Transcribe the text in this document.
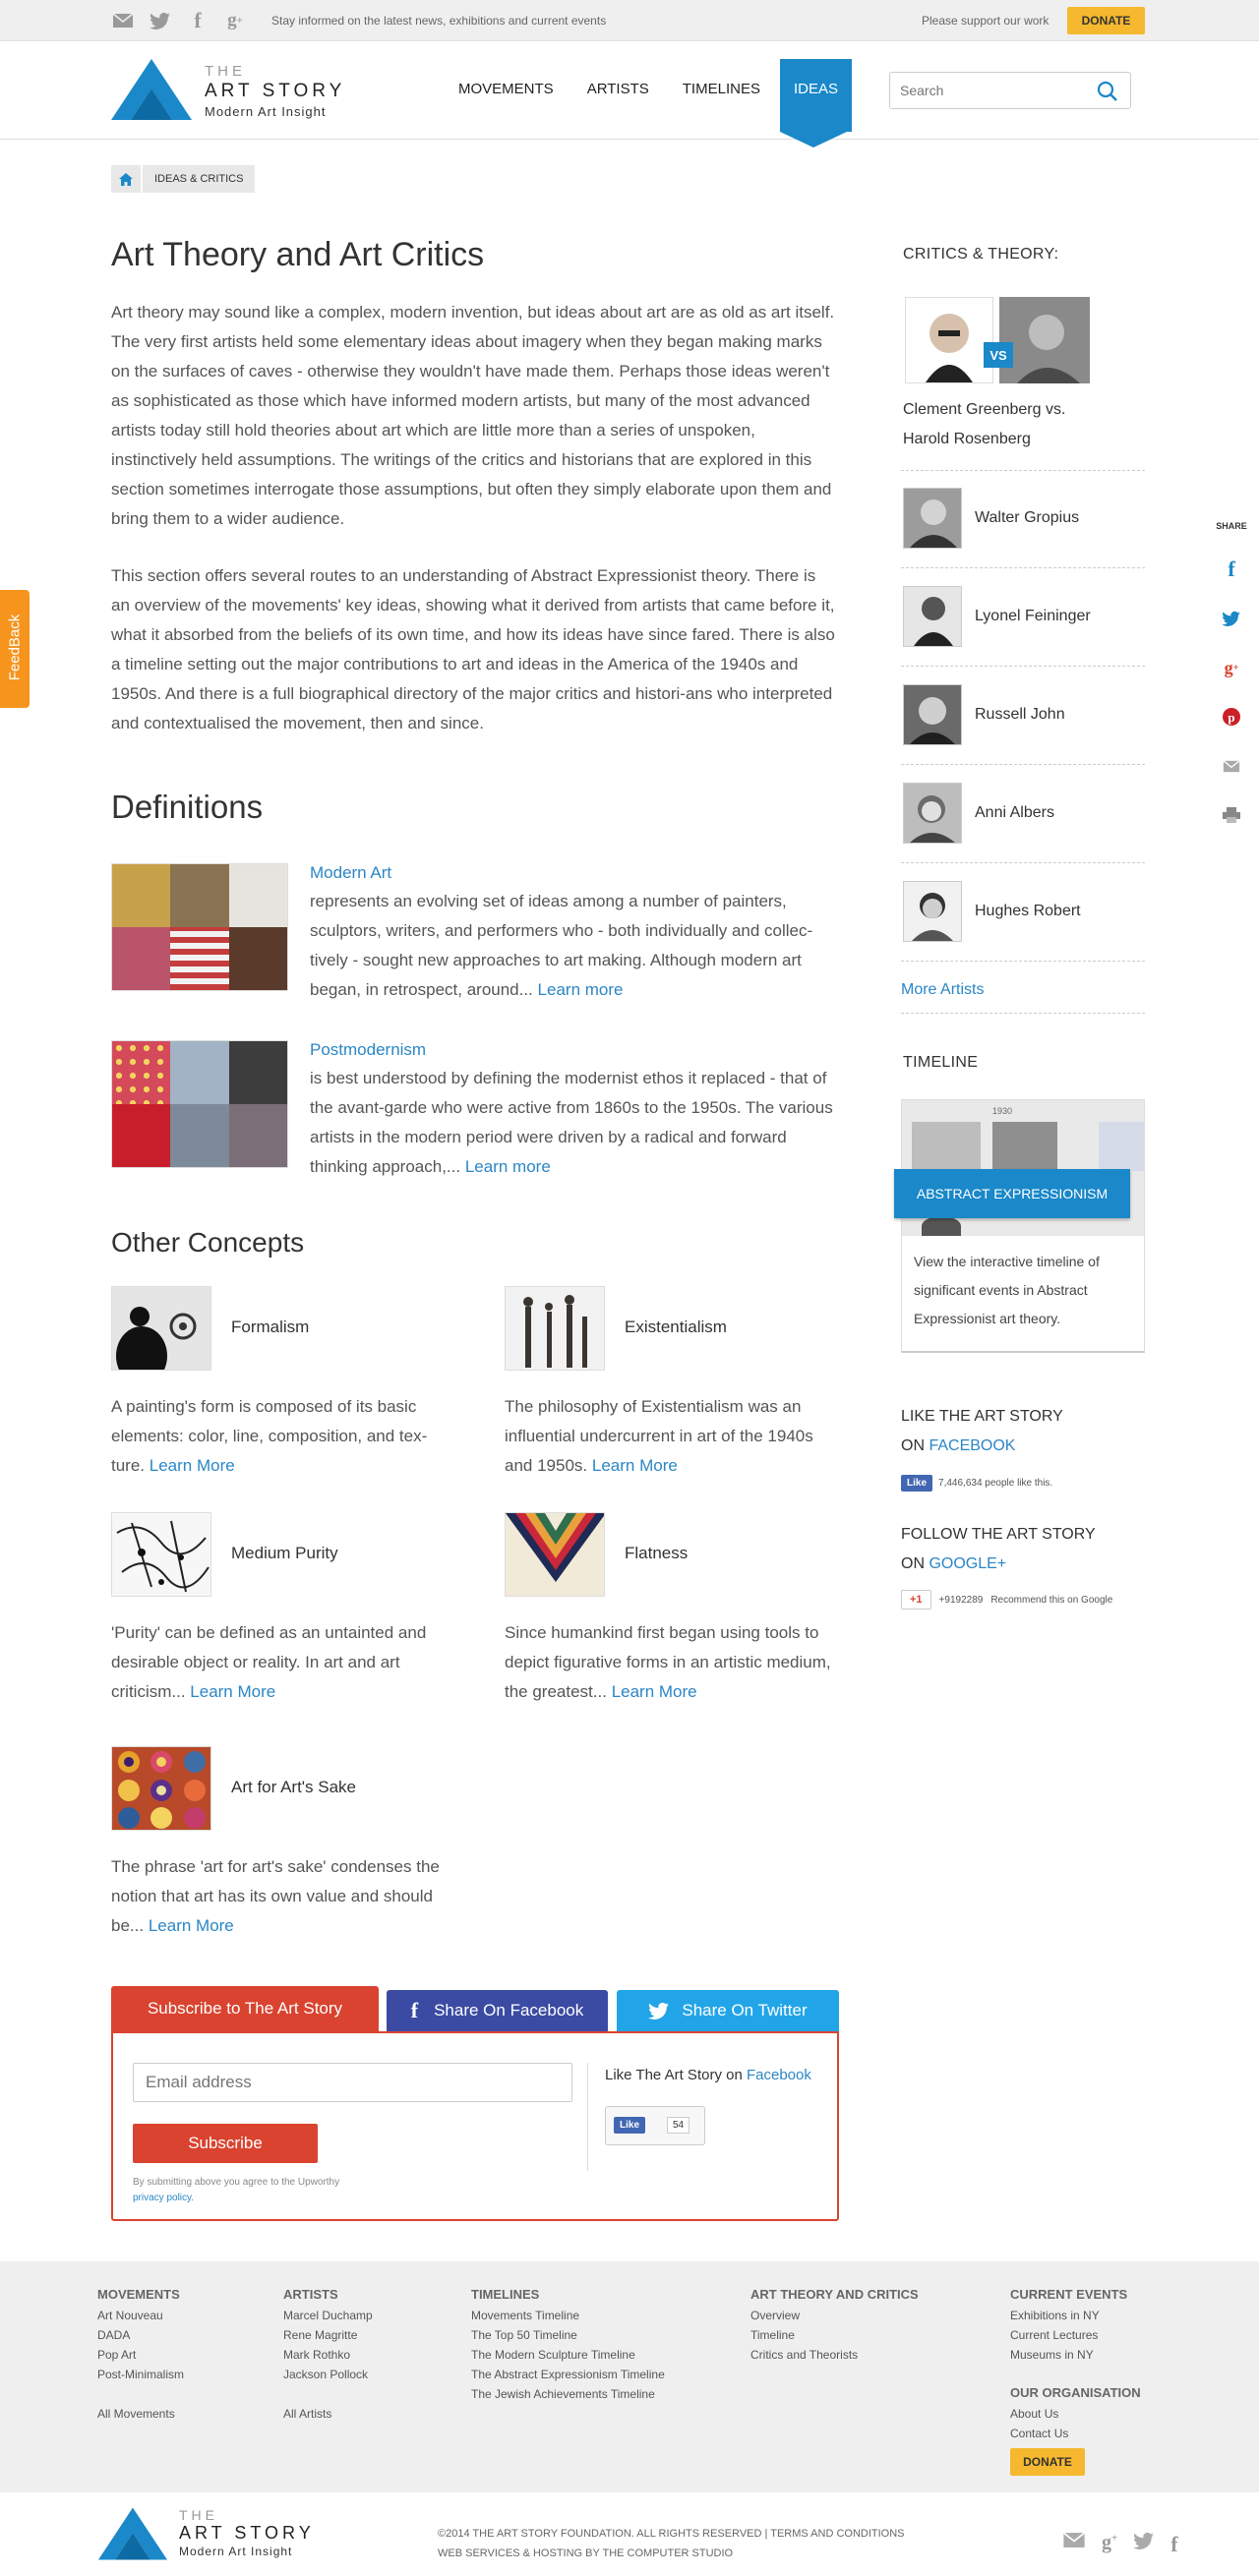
f	g + Stay informed on the latest news, exhibitions and current events	Please support our work	DONATE
THE
ART STORY
Modern Art Insight
MOVEMENTS	ARTISTS	TIMELINES	IDEAS
Search
IDEAS & CRITICS
FeedBack
Art Theory and Art Critics

Art theory may sound like a complex, modern invention, but ideas about art are as old as art itself. The very first artists held some elementary ideas about imagery when they began making marks on the surfaces of caves - otherwise they wouldn't have made them. Perhaps those ideas weren't as sophisticated as those which have informed modern artists, but many of the most advanced artists today still hold theories about art which are little more than a series of unspoken, instinctively held assumptions. The writings of the critics and historians that are explored in this section sometimes interrogate those assumptions, but often they simply elaborate upon them and bring them to a wider audience.

This section offers several routes to an understanding of Abstract Expressionist theory. There is an overview of the movements' key ideas, showing what it derived from artists that came before it, what it absorbed from the beliefs of its own time, and how its ideas have since fared. There is also a timeline setting out the major contributions to art and ideas in the America of the 1940s and 1950s. And there is a full biographical directory of the major critics and histori-ans who interpreted and contextualised the movement, then and since.

Definitions
Modern Art
represents an evolving set of ideas among a number of painters, sculptors, writers, and performers who - both individually and collec-tively - sought new approaches to art making. Although modern art began, in retrospect, around... Learn more
Postmodernism
is best understood by defining the modernist ethos it replaced - that of the avant-garde who were active from 1860s to the 1950s. The various artists in the modern period were driven by a radical and forward thinking approach,... Learn more
Other Concepts
Formalism
A painting's form is composed of its basic elements: color, line, composition, and tex-ture. Learn More
Existentialism
The philosophy of Existentialism was an influential undercurrent in art of the 1940s and 1950s. Learn More
Medium Purity
'Purity' can be defined as an untainted and desirable object or reality. In art and art criticism... Learn More
Flatness
Since humankind first began using tools to depict figurative forms in an artistic medium, the greatest... Learn More
Art for Art's Sake
The phrase 'art for art's sake' condenses the notion that art has its own value and should be... Learn More
CRITICS & THEORY:
VS
Clement Greenberg vs. Harold Rosenberg
Walter Gropius
Lyonel Feininger
Russell John
Anni Albers
Hughes Robert
More Artists
TIMELINE
1930
ABSTRACT EXPRESSIONISM
View the interactive timeline of significant events in Abstract Expressionist art theory.
LIKE THE ART STORY
ON FACEBOOK
Like	7,446,634 people like this.
FOLLOW THE ART STORY
ON GOOGLE+
+1	+9192289 Recommend this on Google
SHARE
f
g +
p
Subscribe to The Art Story	f Share On Facebook	Share On Twitter
Email address
Subscribe
By submitting above you agree to the Upworthy
privacy policy.
Like The Art Story on Facebook
Like	54
MOVEMENTS
Art Nouveau
DADA
Pop Art
Post-Minimalism
All Movements
ARTISTS
Marcel Duchamp
Rene Magritte
Mark Rothko
Jackson Pollock
All Artists
TIMELINES
Movements Timeline
The Top 50 Timeline
The Modern Sculpture Timeline
The Abstract Expressionism Timeline
The Jewish Achievements Timeline
ART THEORY AND CRITICS
Overview
Timeline
Critics and Theorists
CURRENT EVENTS
Exhibitions in NY
Current Lectures
Museums in NY
OUR ORGANISATION
About Us
Contact Us
DONATE
THE
ART STORY
Modern Art Insight
©2014 THE ART STORY FOUNDATION. ALL RIGHTS RESERVED | TERMS AND CONDITIONS
WEB SERVICES & HOSTING BY THE COMPUTER STUDIO	g+ f
